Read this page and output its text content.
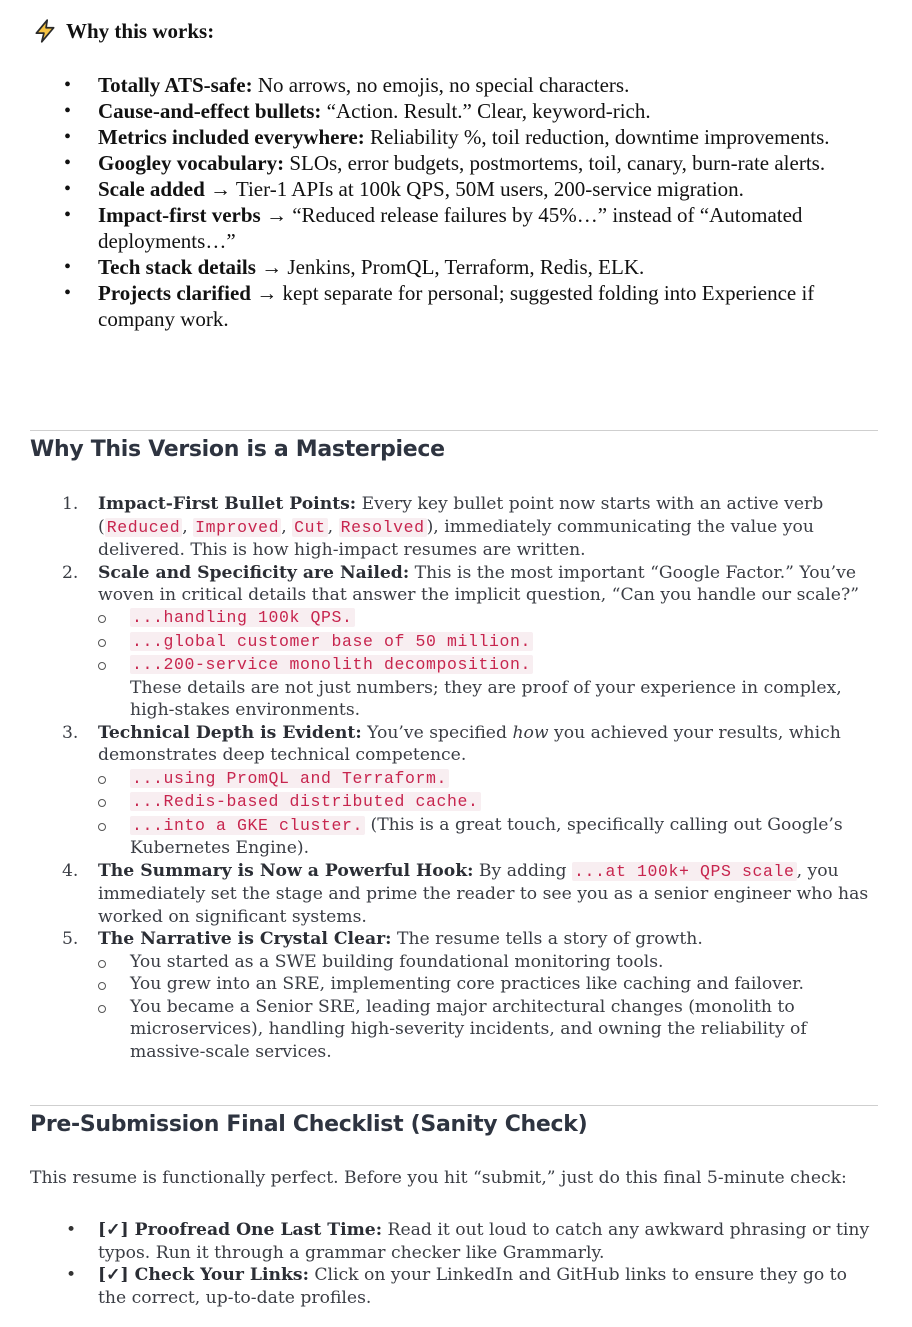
Why this works:
• Totally ATS-safe: No arrows, no emojis, no special characters.
• Cause-and-effect bullets: “Action. Result.” Clear, keyword-rich.
• Metrics included everywhere: Reliability %, toil reduction, downtime improvements.
• Googley vocabulary: SLOs, error budgets, postmortems, toil, canary, burn-rate alerts.
• Scale added → Tier-1 APIs at 100k QPS, 50M users, 200-service migration.
• Impact-first verbs → “Reduced release failures by 45%…” instead of “Automated deployments…”
• Tech stack details → Jenkins, PromQL, Terraform, Redis, ELK.
• Projects clarified → kept separate for personal; suggested folding into Experience if company work.
Why This Version is a Masterpiece
1. Impact-First Bullet Points: Every key bullet point now starts with an active verb ( Reduced , Improved , Cut , Resolved ), immediately communicating the value you delivered. This is how high-impact resumes are written.
2. Scale and Specificity are Nailed: This is the most important “Google Factor.” You’ve woven in critical details that answer the implicit question, “Can you handle our scale?”
...handling 100k QPS.
...global customer base of 50 million.
...200-service monolith decomposition.
These details are not just numbers; they are proof of your experience in complex, high-stakes environments.
3. Technical Depth is Evident: You’ve specified how you achieved your results, which demonstrates deep technical competence.
...using PromQL and Terraform.
...Redis-based distributed cache.
...into a GKE cluster. (This is a great touch, specifically calling out Google’s Kubernetes Engine).
4. The Summary is Now a Powerful Hook: By adding ...at 100k+ QPS scale , you immediately set the stage and prime the reader to see you as a senior engineer who has worked on significant systems.
5. The Narrative is Crystal Clear: The resume tells a story of growth.
You started as a SWE building foundational monitoring tools.
You grew into an SRE, implementing core practices like caching and failover.
You became a Senior SRE, leading major architectural changes (monolith to microservices), handling high-severity incidents, and owning the reliability of massive-scale services.
Pre-Submission Final Checklist (Sanity Check)
This resume is functionally perfect. Before you hit “submit,” just do this final 5-minute check:
• [✓] Proofread One Last Time: Read it out loud to catch any awkward phrasing or tiny typos. Run it through a grammar checker like Grammarly.
• [✓] Check Your Links: Click on your LinkedIn and GitHub links to ensure they go to the correct, up-to-date profiles.
